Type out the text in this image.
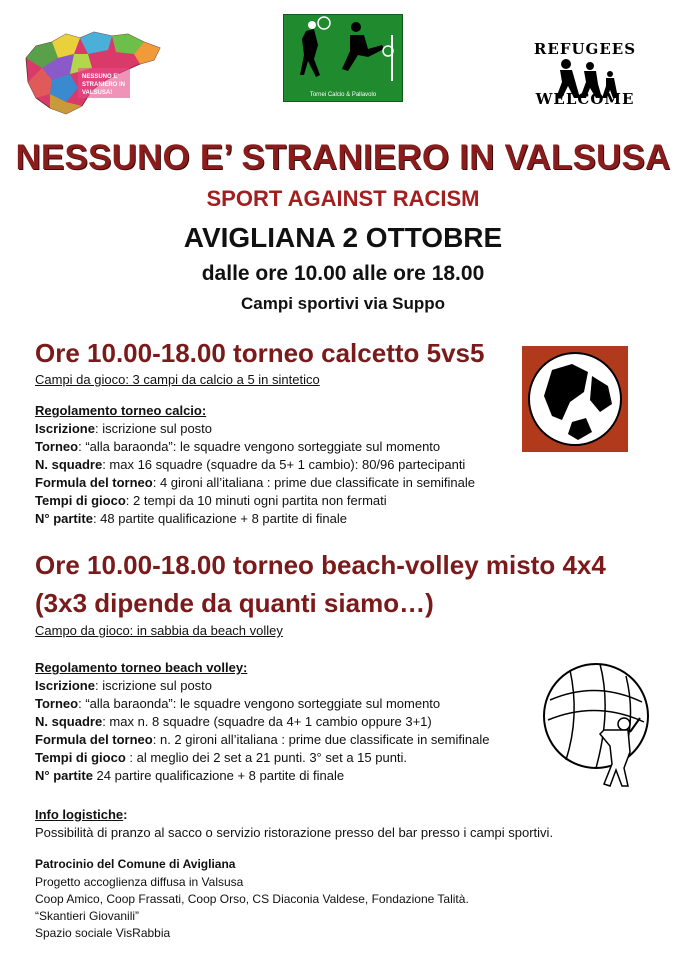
NESSUNO E'
STRANIERO IN
VALSUSA!	Tornei Calcio & Pallavolo
REFUGEES
WELCOME
NESSUNO E’ STRANIERO IN VALSUSA
SPORT AGAINST RACISM
AVIGLIANA 2 OTTOBRE
dalle ore 10.00 alle ore 18.00
Campi sportivi via Suppo
Ore 10.00-18.00 torneo calcetto 5vs5
Campi da gioco: 3 campi da calcio a 5 in sintetico
Regolamento torneo calcio:
Iscrizione: iscrizione sul posto
Torneo: “alla baraonda”: le squadre vengono sorteggiate sul momento
N. squadre: max 16 squadre (squadre da 5+ 1 cambio): 80/96 partecipanti
Formula del torneo: 4 gironi all’italiana : prime due classificate in semifinale
Tempi di gioco: 2 tempi da 10 minuti ogni partita non fermati
N° partite: 48 partite qualificazione + 8 partite di finale
Ore 10.00-18.00 torneo beach-volley misto 4x4
(3x3 dipende da quanti siamo…)
Campo da gioco: in sabbia da beach volley
Regolamento torneo beach volley:
Iscrizione: iscrizione sul posto
Torneo: “alla baraonda”: le squadre vengono sorteggiate sul momento
N. squadre: max n. 8 squadre (squadre da 4+ 1 cambio oppure 3+1)
Formula del torneo: n. 2 gironi all’italiana : prime due classificate in semifinale
Tempi di gioco : al meglio dei 2 set a 21 punti. 3° set a 15 punti.
N° partite 24 partire qualificazione + 8 partite di finale
Info logistiche:
Possibilità di pranzo al sacco o servizio ristorazione presso del bar presso i campi sportivi.
Patrocinio del Comune di Avigliana
Progetto accoglienza diffusa in Valsusa
Coop Amico, Coop Frassati, Coop Orso, CS Diaconia Valdese, Fondazione Talità.
“Skantieri Giovanili”
Spazio sociale VisRabbia
